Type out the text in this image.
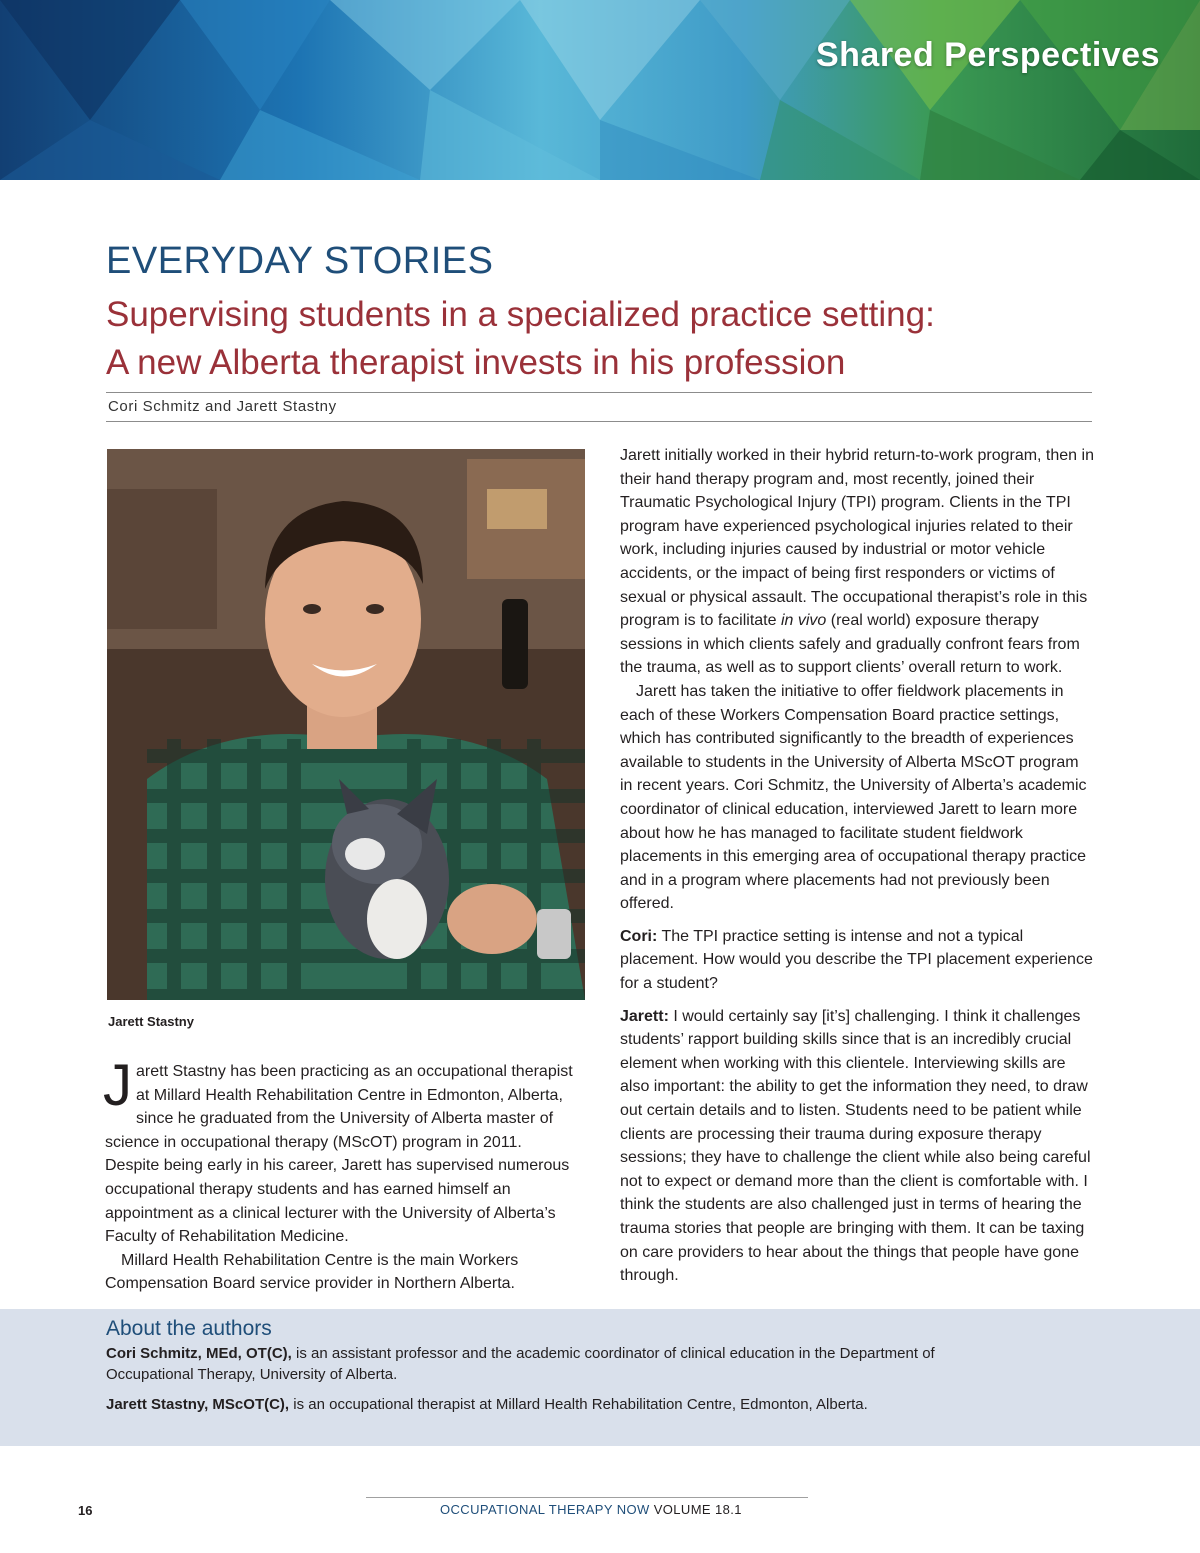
Shared Perspectives
EVERYDAY STORIES
Supervising students in a specialized practice setting:
A new Alberta therapist invests in his profession
Cori Schmitz and Jarett Stastny
Jarett Stastny

Jarett Stastny has been practicing as an occupational therapist at Millard Health Rehabilitation Centre in Edmonton, Alberta, since he graduated from the University of Alberta master of science in occupational therapy (MScOT) program in 2011. Despite being early in his career, Jarett has supervised numerous occupational therapy students and has earned himself an appointment as a clinical lecturer with the University of Alberta’s Faculty of Rehabilitation Medicine.

Millard Health Rehabilitation Centre is the main Workers Compensation Board service provider in Northern Alberta.

Jarett initially worked in their hybrid return-to-work program, then in their hand therapy program and, most recently, joined their Traumatic Psychological Injury (TPI) program. Clients in the TPI program have experienced psychological injuries related to their work, including injuries caused by industrial or motor vehicle accidents, or the impact of being first responders or victims of sexual or physical assault. The occupational therapist’s role in this program is to facilitate in vivo (real world) exposure therapy sessions in which clients safely and gradually confront fears from the trauma, as well as to support clients’ overall return to work.

Jarett has taken the initiative to offer fieldwork placements in each of these Workers Compensation Board practice settings, which has contributed significantly to the breadth of experiences available to students in the University of Alberta MScOT program in recent years. Cori Schmitz, the University of Alberta’s academic coordinator of clinical education, interviewed Jarett to learn more about how he has managed to facilitate student fieldwork placements in this emerging area of occupational therapy practice and in a program where placements had not previously been offered.

Cori: The TPI practice setting is intense and not a typical placement. How would you describe the TPI placement experience for a student?

Jarett: I would certainly say [it’s] challenging. I think it challenges students’ rapport building skills since that is an incredibly crucial element when working with this clientele. Interviewing skills are also important: the ability to get the information they need, to draw out certain details and to listen. Students need to be patient while clients are processing their trauma during exposure therapy sessions; they have to challenge the client while also being careful not to expect or demand more than the client is comfortable with. I think the students are also challenged just in terms of hearing the trauma stories that people are bringing with them. It can be taxing on care providers to hear about the things that people have gone through.

About the authors
Cori Schmitz, MEd, OT(C), is an assistant professor and the academic coordinator of clinical education in the Department of Occupational Therapy, University of Alberta.
Jarett Stastny, MScOT(C), is an occupational therapist at Millard Health Rehabilitation Centre, Edmonton, Alberta.
16	OCCUPATIONAL THERAPY NOW VOLUME 18.1
